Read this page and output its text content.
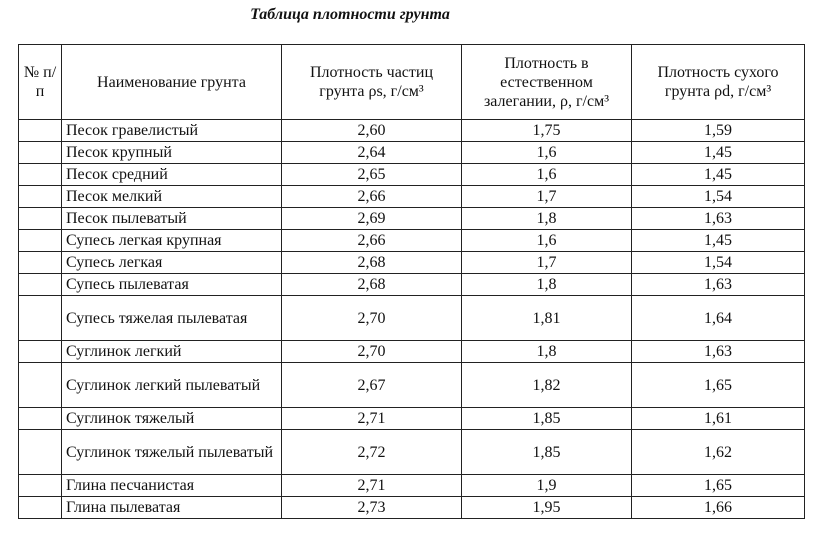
Таблица плотности грунта
№ п/п	Наименование грунта	Плотность частиц грунта ρs, г/см³	Плотность в естественном залегании, ρ, г/см³	Плотность сухого грунта ρd, г/см³
	Песок гравелистый	2,60	1,75	1,59
	Песок крупный	2,64	1,6	1,45
	Песок средний	2,65	1,6	1,45
	Песок мелкий	2,66	1,7	1,54
	Песок пылеватый	2,69	1,8	1,63
	Супесь легкая крупная	2,66	1,6	1,45
	Супесь легкая	2,68	1,7	1,54
	Супесь пылеватая	2,68	1,8	1,63
	Супесь тяжелая пылеватая	2,70	1,81	1,64
	Суглинок легкий	2,70	1,8	1,63
	Суглинок легкий пылеватый	2,67	1,82	1,65
	Суглинок тяжелый	2,71	1,85	1,61
	Суглинок тяжелый пылеватый	2,72	1,85	1,62
	Глина песчанистая	2,71	1,9	1,65
	Глина пылеватая	2,73	1,95	1,66
